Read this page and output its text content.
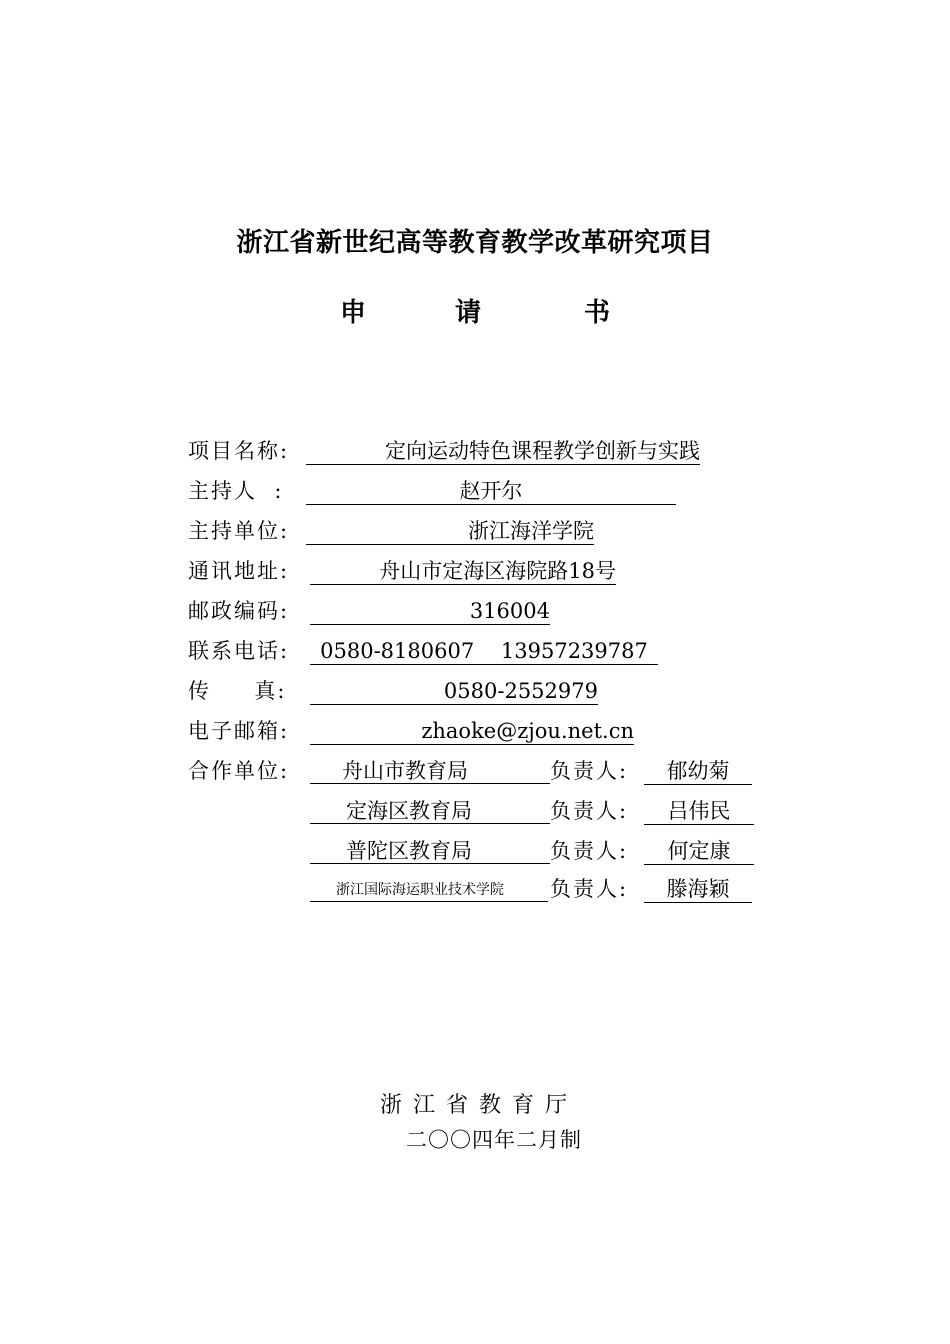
浙江省新世纪高等教育教学改革研究项目
申	请	书
项目名称:	定向运动特色课程教学创新与实践
主持人  :	赵开尔
主持单位:	浙江海洋学院
通讯地址:	舟山市定海区海院路18号
邮政编码:	316004
联系电话:	0580-8180607    13957239787
传     真:	0580-2552979
电子邮箱:	zhaoke@zjou.net.cn
合作单位:	舟山市教育局	负责人:	郁幼菊
定海区教育局	负责人:	吕伟民
普陀区教育局	负责人:	何定康
浙江国际海运职业技术学院	负责人:	滕海颖
浙江省教育厅
二〇〇四年二月制
